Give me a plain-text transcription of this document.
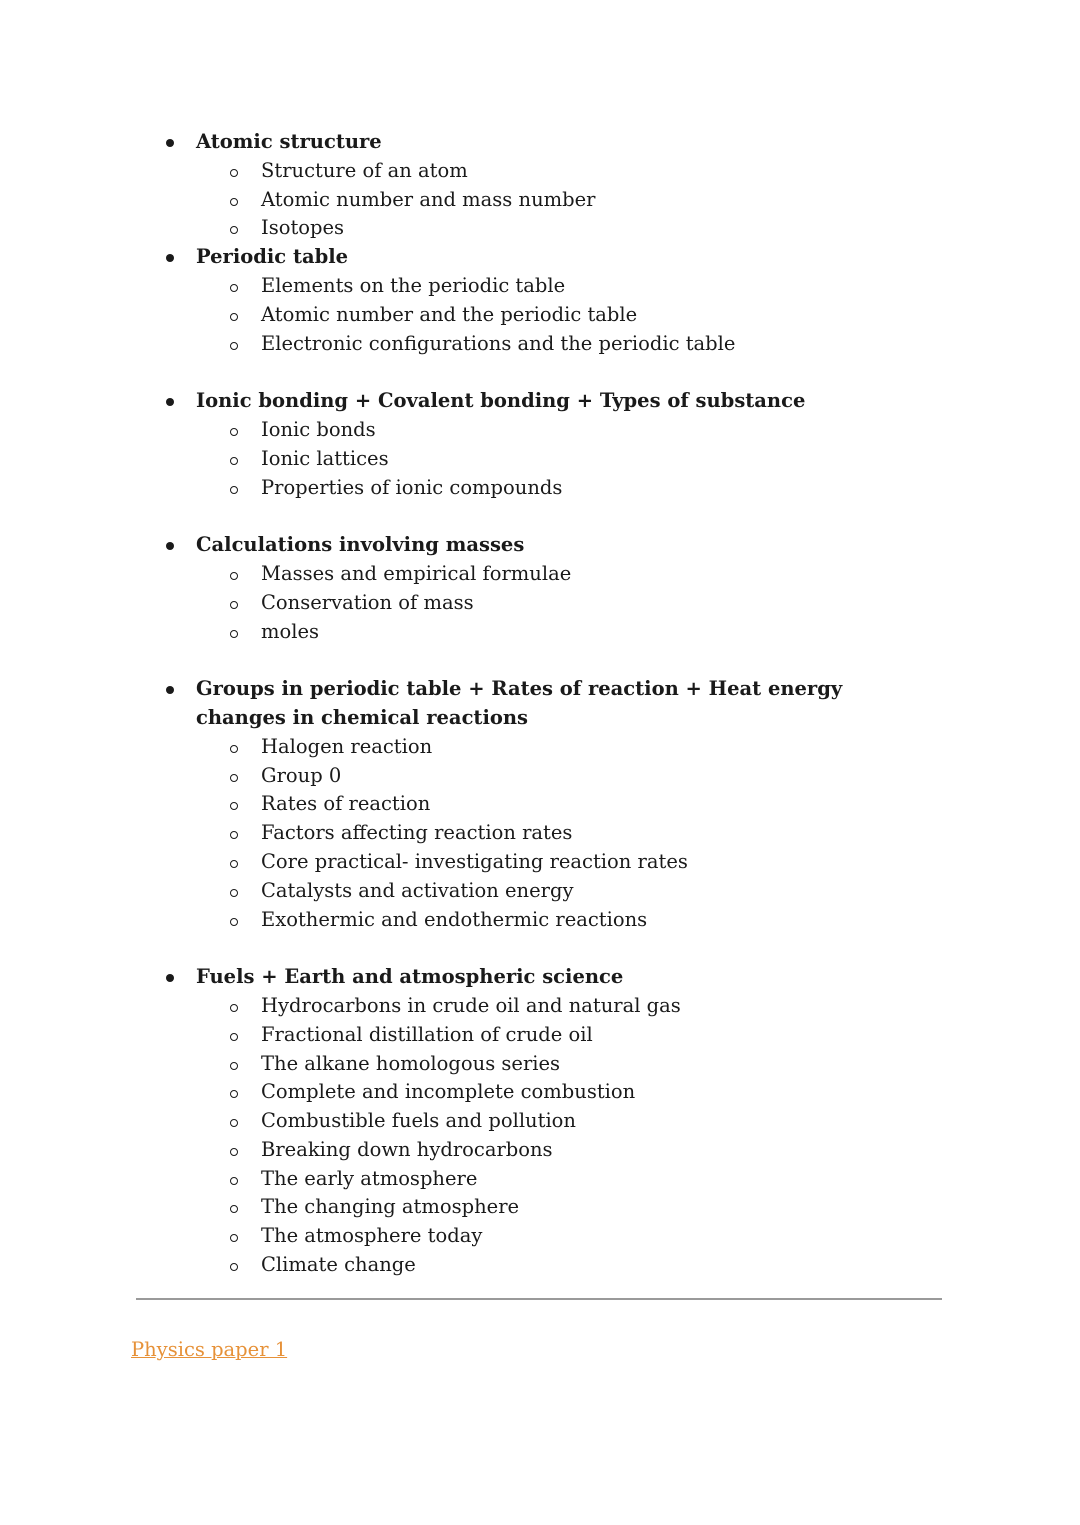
Atomic structure
Structure of an atom
Atomic number and mass number
Isotopes
Periodic table
Elements on the periodic table
Atomic number and the periodic table
Electronic configurations and the periodic table
Ionic bonding + Covalent bonding + Types of substance
Ionic bonds
Ionic lattices
Properties of ionic compounds
Calculations involving masses
Masses and empirical formulae
Conservation of mass
moles
Groups in periodic table + Rates of reaction + Heat energy changes in chemical reactions
Halogen reaction
Group 0
Rates of reaction
Factors affecting reaction rates
Core practical- investigating reaction rates
Catalysts and activation energy
Exothermic and endothermic reactions
Fuels + Earth and atmospheric science
Hydrocarbons in crude oil and natural gas
Fractional distillation of crude oil
The alkane homologous series
Complete and incomplete combustion
Combustible fuels and pollution
Breaking down hydrocarbons
The early atmosphere
The changing atmosphere
The atmosphere today
Climate change
Physics paper 1
